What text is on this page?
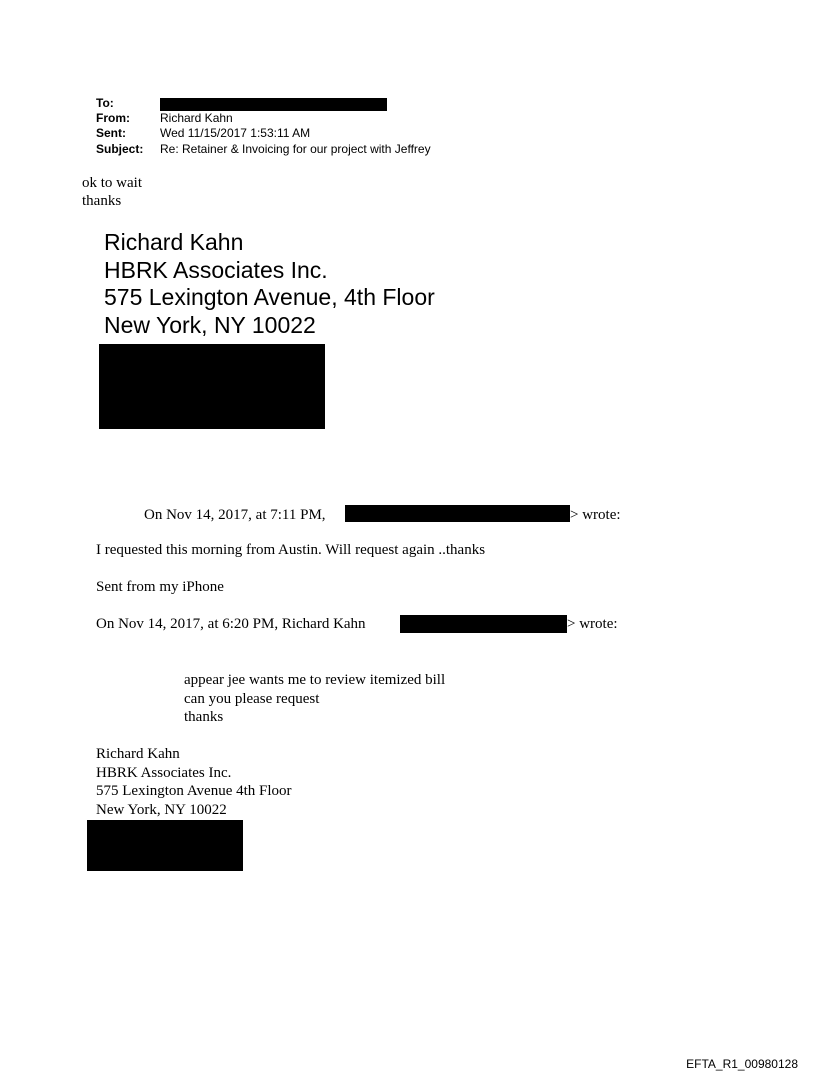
To:
From:	Richard Kahn
Sent:	Wed 11/15/2017 1:53:11 AM
Subject: Re: Retainer & Invoicing for our project with Jeffrey
ok to wait
thanks
Richard Kahn
HBRK Associates Inc.
575 Lexington Avenue, 4th Floor
New York, NY 10022
On Nov 14, 2017, at 7:11 PM,	> wrote:
I requested this morning from Austin. Will request again ..thanks
Sent from my iPhone
On Nov 14, 2017, at 6:20 PM, Richard Kahn	> wrote:
appear jee wants me to review itemized bill
can you please request
thanks
Richard Kahn
HBRK Associates Inc.
575 Lexington Avenue 4th Floor
New York, NY 10022
EFTA_R1_00980128
